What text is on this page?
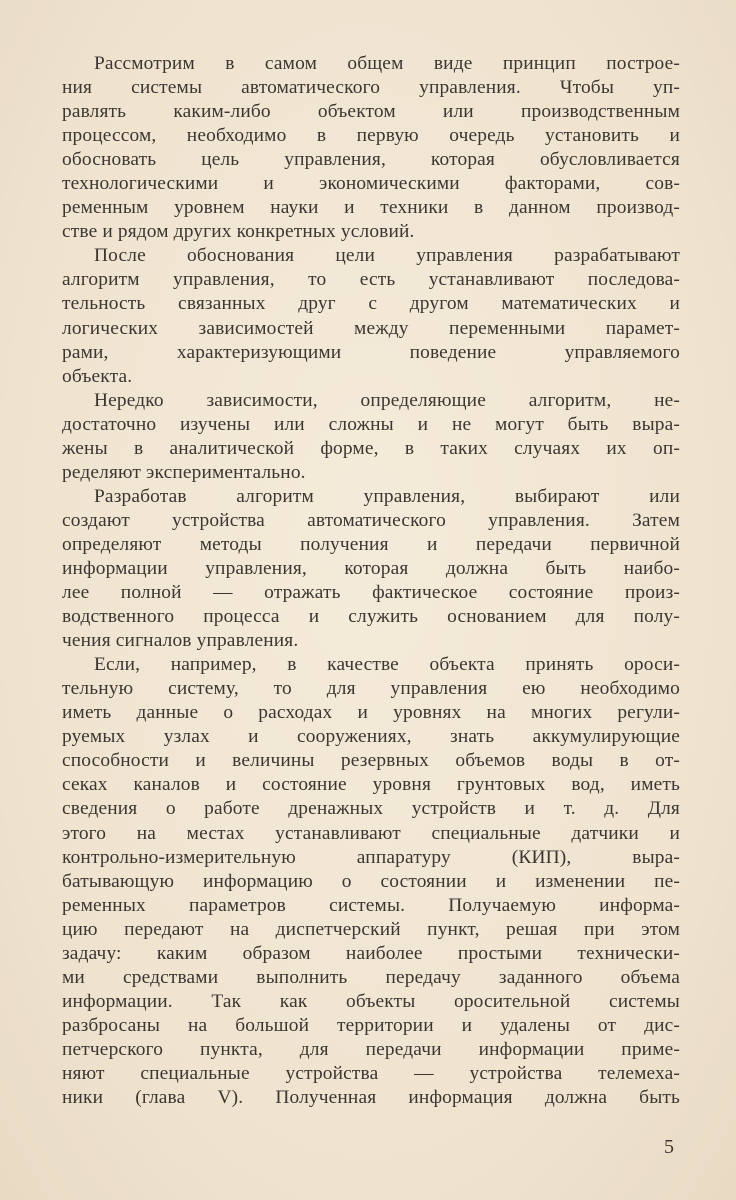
Рассмотрим в самом общем виде принцип построе-
ния системы автоматического управления. Чтобы уп-
равлять каким-либо объектом или производственным
процессом, необходимо в первую очередь установить и
обосновать цель управления, которая обусловливается
технологическими и экономическими факторами, сов-
ременным уровнем науки и техники в данном производ-
стве и рядом других конкретных условий.
После обоснования цели управления разрабатывают
алгоритм управления, то есть устанавливают последова-
тельность связанных друг с другом математических и
логических зависимостей между переменными парамет-
рами, характеризующими поведение управляемого
объекта.
Нередко зависимости, определяющие алгоритм, не-
достаточно изучены или сложны и не могут быть выра-
жены в аналитической форме, в таких случаях их оп-
ределяют экспериментально.
Разработав алгоритм управления, выбирают или
создают устройства автоматического управления. Затем
определяют методы получения и передачи первичной
информации управления, которая должна быть наибо-
лее полной — отражать фактическое состояние произ-
водственного процесса и служить основанием для полу-
чения сигналов управления.
Если, например, в качестве объекта принять ороси-
тельную систему, то для управления ею необходимо
иметь данные о расходах и уровнях на многих регули-
руемых узлах и сооружениях, знать аккумулирующие
способности и величины резервных объемов воды в от-
секах каналов и состояние уровня грунтовых вод, иметь
сведения о работе дренажных устройств и т. д. Для
этого на местах устанавливают специальные датчики и
контрольно-измерительную аппаратуру (КИП), выра-
батывающую информацию о состоянии и изменении пе-
ременных параметров системы. Получаемую информа-
цию передают на диспетчерский пункт, решая при этом
задачу: каким образом наиболее простыми технически-
ми средствами выполнить передачу заданного объема
информации. Так как объекты оросительной системы
разбросаны на большой территории и удалены от дис-
петчерского пункта, для передачи информации приме-
няют специальные устройства — устройства телемеха-
ники (глава V). Полученная информация должна быть
5
